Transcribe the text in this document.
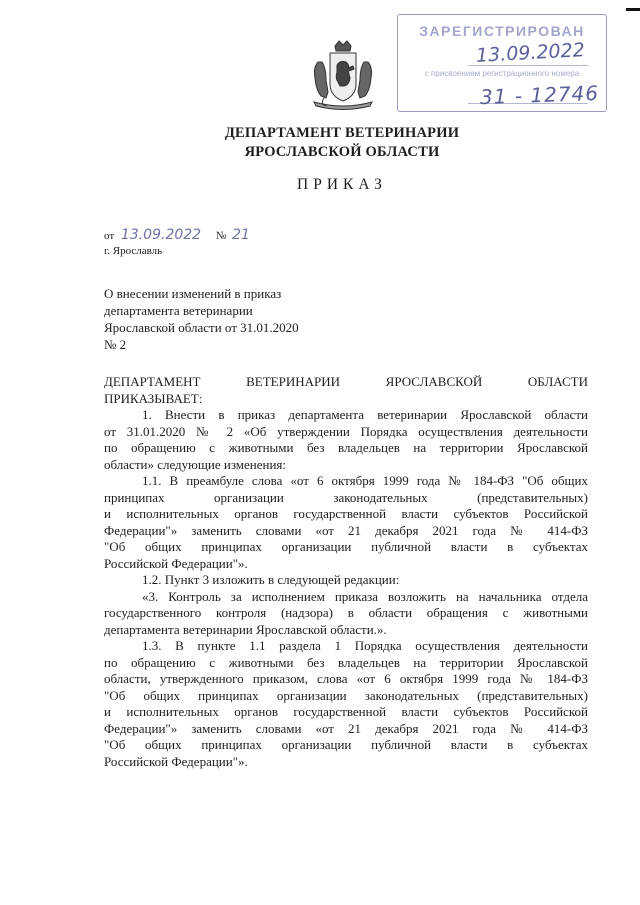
ЗАРЕГИСТРИРОВАН
13.09.2022
с присвоением регистрационного номера
31 - 12746
ДЕПАРТАМЕНТ ВЕТЕРИНАРИИ
ЯРОСЛАВСКОЙ ОБЛАСТИ
ПРИКАЗ
от 13.09.2022 № 21
г. Ярославль
О внесении изменений в приказ
департамента ветеринарии
Ярославской области от 31.01.2020
№ 2
ДЕПАРТАМЕНТ ВЕТЕРИНАРИИ ЯРОСЛАВСКОЙ ОБЛАСТИ
ПРИКАЗЫВАЕТ:
1. Внести в приказ департамента ветеринарии Ярославской области
от 31.01.2020 № 2 «Об утверждении Порядка осуществления деятельности
по обращению с животными без владельцев на территории Ярославской
области» следующие изменения:
1.1. В преамбуле слова «от 6 октября 1999 года № 184-ФЗ "Об общих
принципах организации законодательных (представительных)
и исполнительных органов государственной власти субъектов Российской
Федерации"» заменить словами «от 21 декабря 2021 года № 414-ФЗ
"Об общих принципах организации публичной власти в субъектах
Российской Федерации"».
1.2. Пункт 3 изложить в следующей редакции:
«3. Контроль за исполнением приказа возложить на начальника отдела
государственного контроля (надзора) в области обращения с животными
департамента ветеринарии Ярославской области.».
1.3. В пункте 1.1 раздела 1 Порядка осуществления деятельности
по обращению с животными без владельцев на территории Ярославской
области, утвержденного приказом, слова «от 6 октября 1999 года № 184-ФЗ
"Об общих принципах организации законодательных (представительных)
и исполнительных органов государственной власти субъектов Российской
Федерации"» заменить словами «от 21 декабря 2021 года № 414-ФЗ
"Об общих принципах организации публичной власти в субъектах
Российской Федерации"».
